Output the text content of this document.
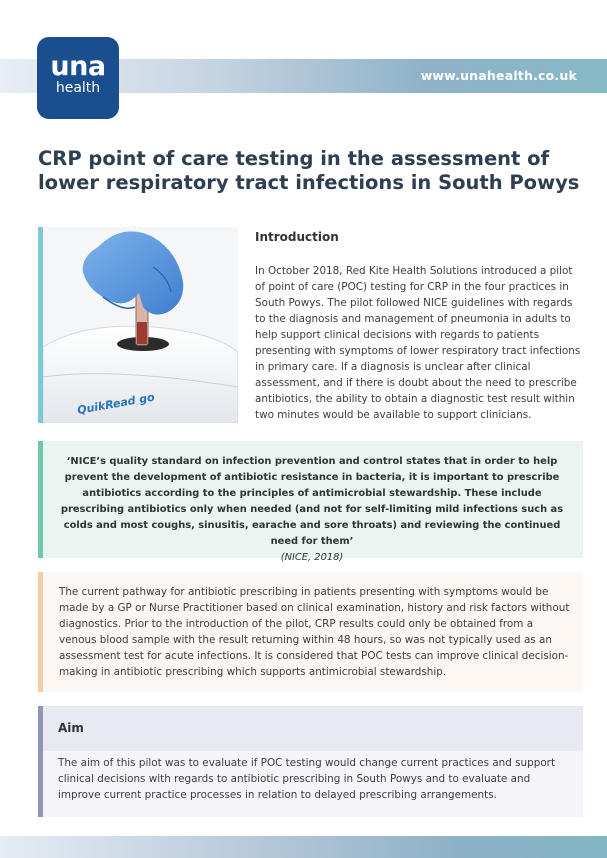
www.unahealth.co.uk
una
health
CRP point of care testing in the assessment of lower respiratory tract infections in South Powys
QuikRead go
Introduction

In October 2018, Red Kite Health Solutions introduced a pilot of point of care (POC) testing for CRP in the four practices in South Powys. The pilot followed NICE guidelines with regards to the diagnosis and management of pneumonia in adults to help support clinical decisions with regards to patients presenting with symptoms of lower respiratory tract infections in primary care. If a diagnosis is unclear after clinical assessment, and if there is doubt about the need to prescribe antibiotics, the ability to obtain a diagnostic test result within two minutes would be available to support clinicians.

‘NICE’s quality standard on infection prevention and control states that in order to help prevent the development of antibiotic resistance in bacteria, it is important to prescribe antibiotics according to the principles of antimicrobial stewardship. These include prescribing antibiotics only when needed (and not for self-limiting mild infections such as colds and most coughs, sinusitis, earache and sore throats) and reviewing the continued need for them’

(NICE, 2018)

The current pathway for antibiotic prescribing in patients presenting with symptoms would be made by a GP or Nurse Practitioner based on clinical examination, history and risk factors without diagnostics. Prior to the introduction of the pilot, CRP results could only be obtained from a venous blood sample with the result returning within 48 hours, so was not typically used as an assessment test for acute infections. It is considered that POC tests can improve clinical decision-making in antibiotic prescribing which supports antimicrobial stewardship.

Aim

The aim of this pilot was to evaluate if POC testing would change current practices and support clinical decisions with regards to antibiotic prescribing in South Powys and to evaluate and improve current practice processes in relation to delayed prescribing arrangements.
